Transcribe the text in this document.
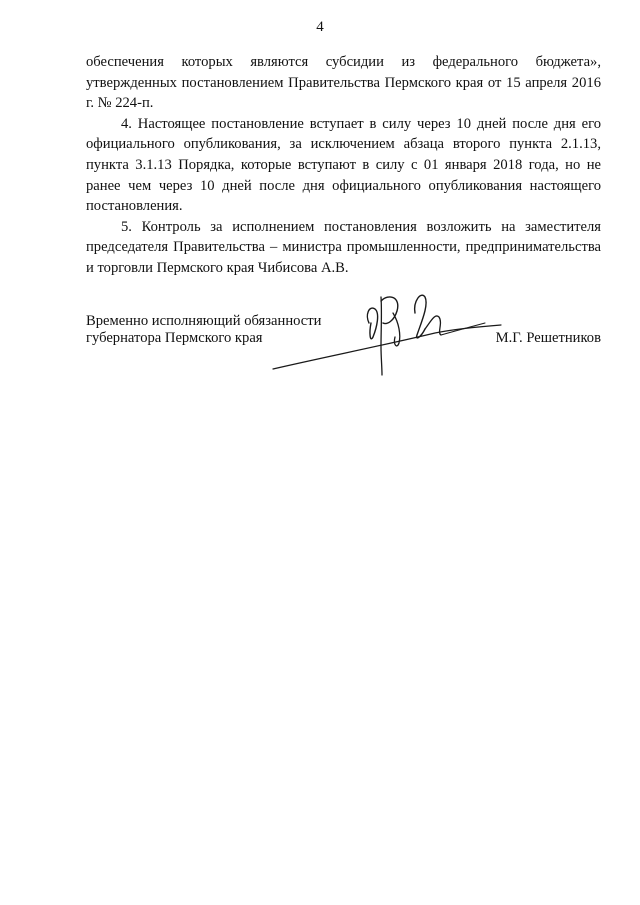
4

обеспечения которых являются субсидии из федерального бюджета», утвержденных постановлением Правительства Пермского края от 15 апреля 2016 г. № 224-п.

4. Настоящее постановление вступает в силу через 10 дней после дня его официального опубликования, за исключением абзаца второго пункта 2.1.13, пункта 3.1.13 Порядка, которые вступают в силу с 01 января 2018 года, но не ранее чем через 10 дней после дня официального опубликования настоящего постановления.

5. Контроль за исполнением постановления возложить на заместителя председателя Правительства – министра промышленности, предпринимательства и торговли Пермского края Чибисова А.В.

Временно исполняющий обязанности
губернатора Пермского края	М.Г. Решетников
